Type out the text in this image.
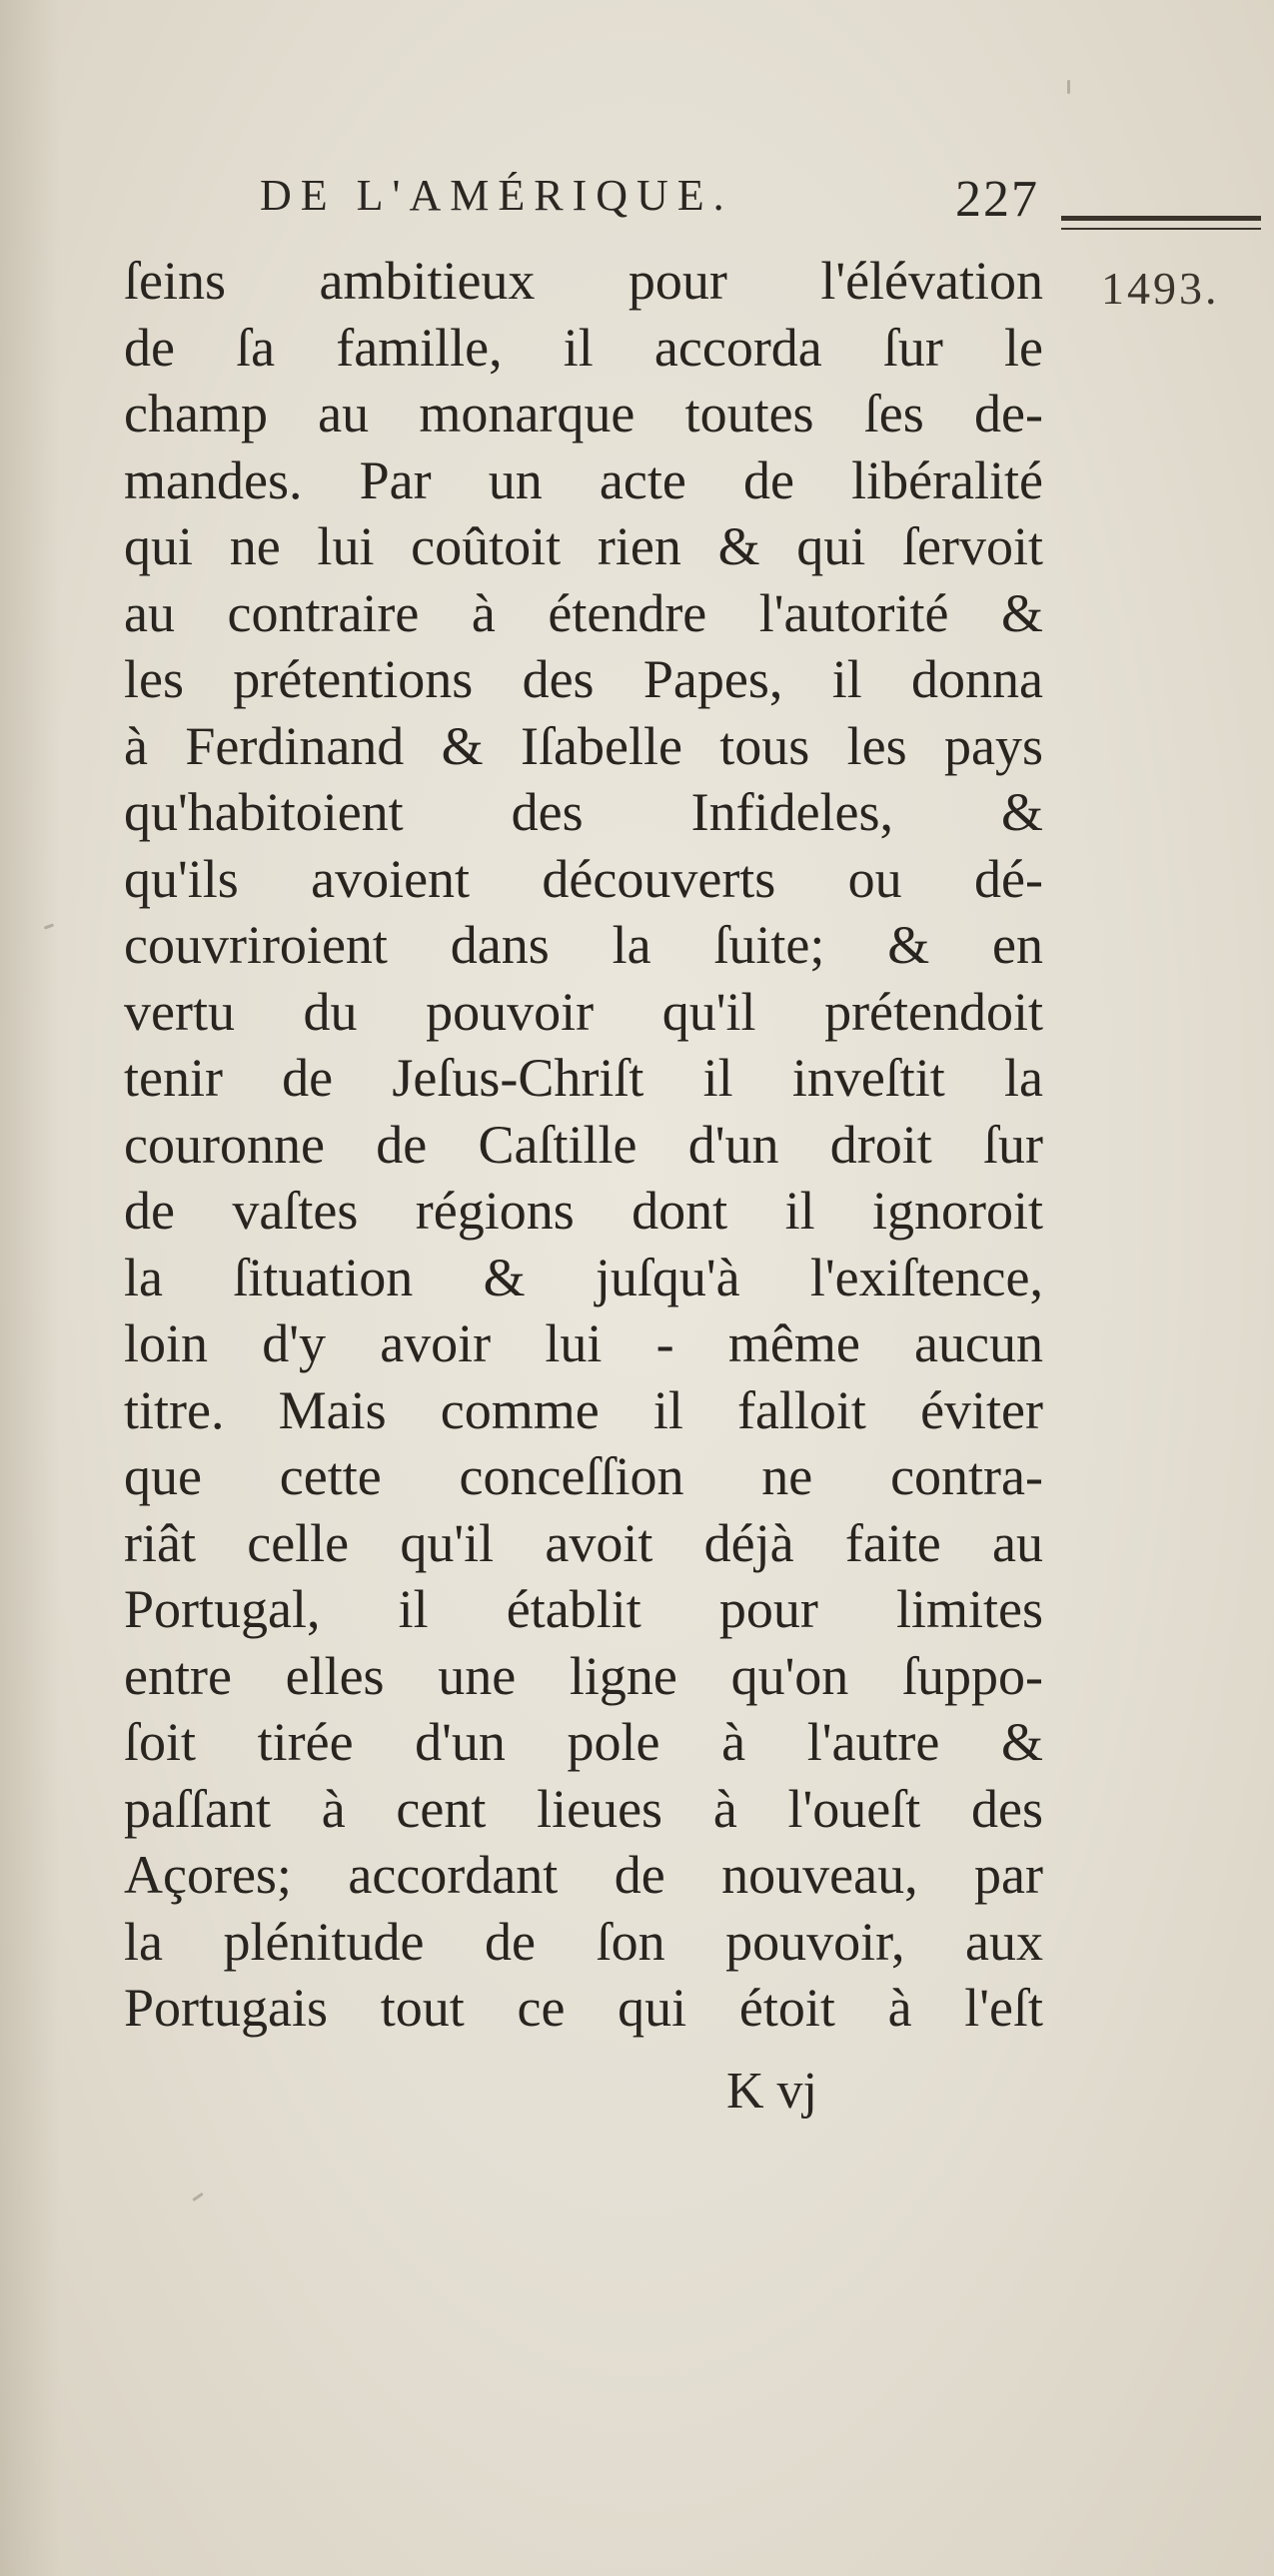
DE L'AMÉRIQUE.	227
1493.
ſeins ambitieux pour l'élévation
de ſa famille, il accorda ſur le
champ au monarque toutes ſes de-
mandes. Par un acte de libéralité
qui ne lui coûtoit rien & qui ſervoit
au contraire à étendre l'autorité &
les prétentions des Papes, il donna
à Ferdinand & Iſabelle tous les pays
qu'habitoient des Infideles, &
qu'ils avoient découverts ou dé-
couvriroient dans la ſuite; & en
vertu du pouvoir qu'il prétendoit
tenir de Jeſus-Chriſt il inveſtit la
couronne de Caſtille d'un droit ſur
de vaſtes régions dont il ignoroit
la ſituation & juſqu'à l'exiſtence,
loin d'y avoir lui - même aucun
titre. Mais comme il falloit éviter
que cette conceſſion ne contra-
riât celle qu'il avoit déjà faite au
Portugal, il établit pour limites
entre elles une ligne qu'on ſuppo-
ſoit tirée d'un pole à l'autre &
paſſant à cent lieues à l'oueſt des
Açores; accordant de nouveau, par
la plénitude de ſon pouvoir, aux
Portugais tout ce qui étoit à l'eſt
K vj
